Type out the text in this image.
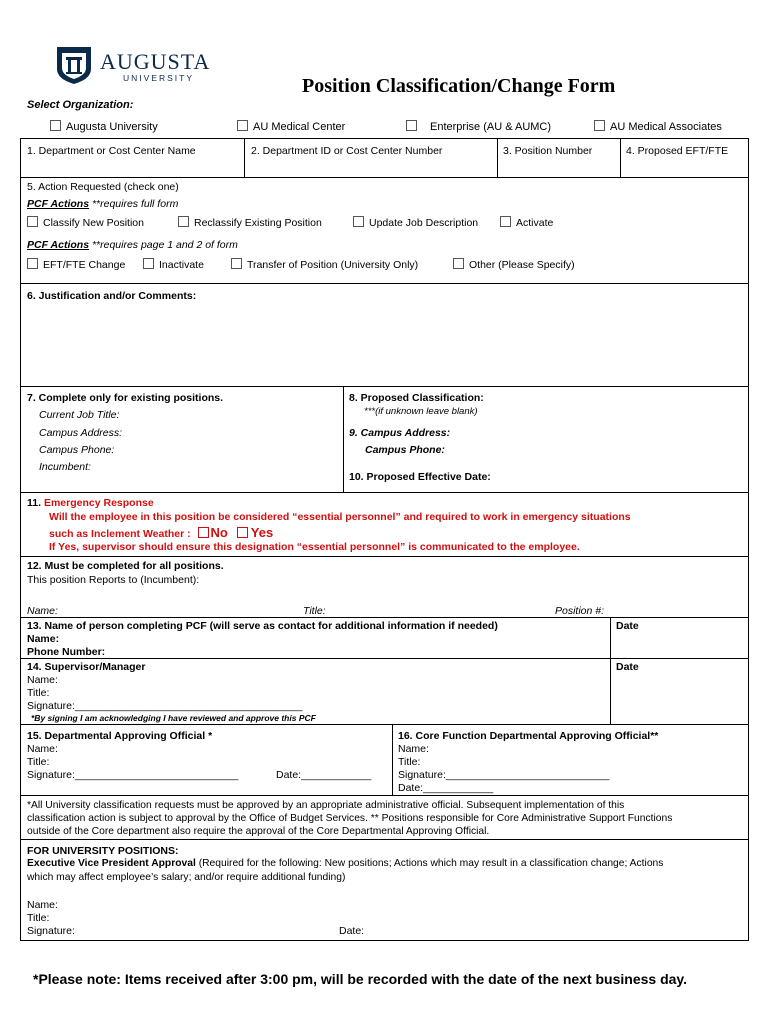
AUGUSTA
UNIVERSITY	Position Classification/Change Form
Select Organization:
Augusta University	AU Medical Center	Enterprise (AU & AUMC)	AU Medical Associates
1. Department or Cost Center Name	2. Department ID or Cost Center Number	3. Position Number	4. Proposed EFT/FTE
5. Action Requested (check one)
PCF Actions **requires full form
Classify New Position	Reclassify Existing Position	Update Job Description	Activate
PCF Actions **requires page 1 and 2 of form
EFT/FTE Change	Inactivate	Transfer of Position (University Only)	Other (Please Specify)
6. Justification and/or Comments:
7. Complete only for existing positions.
Current Job Title:
Campus Address:
Campus Phone:
Incumbent:
8. Proposed Classification:
***(if unknown leave blank)
9. Campus Address:
Campus Phone:
10. Proposed Effective Date:
11. Emergency Response
Will the employee in this position be considered “essential personnel” and required to work in emergency situations
such as Inclement Weather : No Yes
If Yes, supervisor should ensure this designation “essential personnel” is communicated to the employee.
12. Must be completed for all positions.
This position Reports to (Incumbent):
Name:	Title:	Position #:
13. Name of person completing PCF (will serve as contact for additional information if needed)
Name:
Phone Number:
Date
14. Supervisor/Manager
Name:
Title:
Signature:_______________________________________
*By signing I am acknowledging I have reviewed and approve this PCF
Date
15. Departmental Approving Official *
Name:
Title:
Signature:____________________________	Date:____________
16. Core Function Departmental Approving Official**
Name:
Title:
Signature:____________________________
Date:____________
*All University classification requests must be approved by an appropriate administrative official. Subsequent implementation of this
classification action is subject to approval by the Office of Budget Services. ** Positions responsible for Core Administrative Support Functions
outside of the Core department also require the approval of the Core Departmental Approving Official.
FOR UNIVERSITY POSITIONS:
Executive Vice President Approval (Required for the following: New positions; Actions which may result in a classification change; Actions
which may affect employee’s salary; and/or require additional funding)
Name:
Title:
Signature:	Date:
*Please note: Items received after 3:00 pm, will be recorded with the date of the next business day.
